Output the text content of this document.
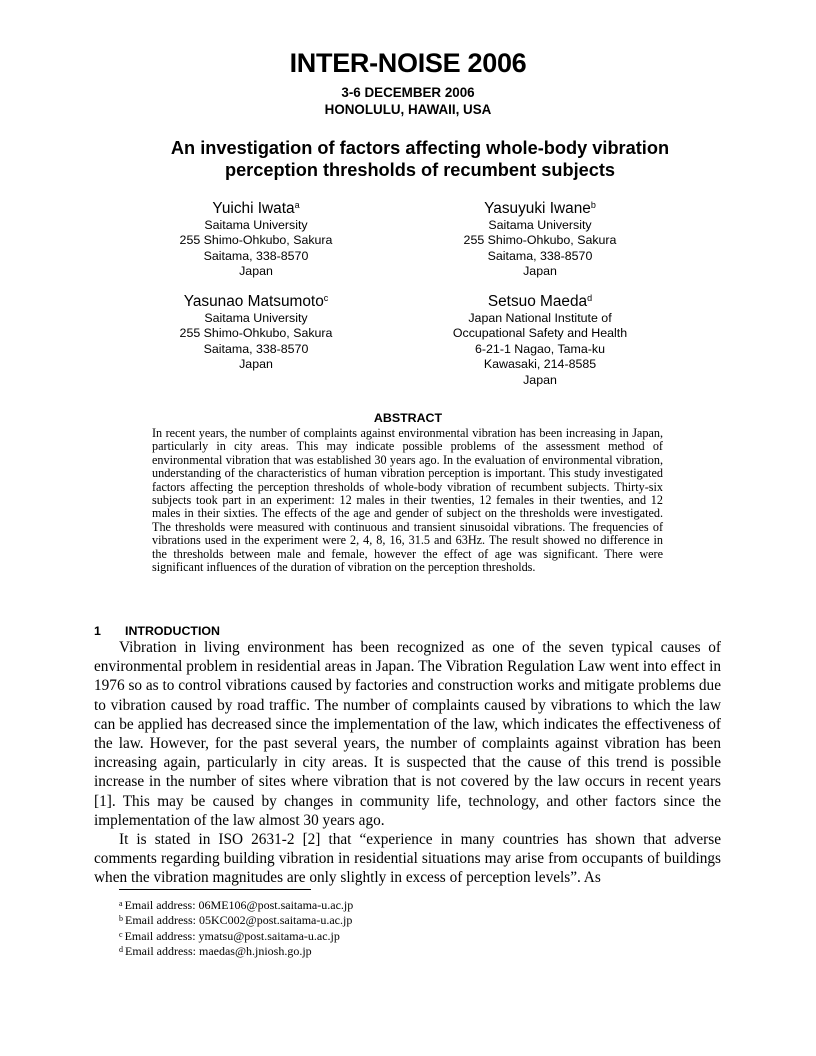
INTER-NOISE 2006
3-6 DECEMBER 2006
HONOLULU, HAWAII, USA
An investigation of factors affecting whole-body vibration
perception thresholds of recumbent subjects
Yuichi Iwata$^a$
Saitama University
255 Shimo-Ohkubo, Sakura
Saitama, 338-8570
Japan
Yasuyuki Iwane$^b$
Saitama University
255 Shimo-Ohkubo, Sakura
Saitama, 338-8570
Japan
Yasunao Matsumoto$^c$
Saitama University
255 Shimo-Ohkubo, Sakura
Saitama, 338-8570
Japan
Setsuo Maeda$^d$
Japan National Institute of
Occupational Safety and Health
6-21-1 Nagao, Tama-ku
Kawasaki, 214-8585
Japan
ABSTRACT
In recent years, the number of complaints against environmental vibration has been increasing in Japan, particularly in city areas. This may indicate possible problems of the assessment method of environmental vibration that was established 30 years ago. In the evaluation of environmental vibration, understanding of the characteristics of human vibration perception is important. This study investigated factors affecting the perception thresholds of whole-body vibration of recumbent subjects. Thirty-six subjects took part in an experiment: 12 males in their twenties, 12 females in their twenties, and 12 males in their sixties. The effects of the age and gender of subject on the thresholds were investigated. The thresholds were measured with continuous and transient sinusoidal vibrations. The frequencies of vibrations used in the experiment were 2, 4, 8, 16, 31.5 and 63Hz. The result showed no difference in the thresholds between male and female, however the effect of age was significant. There were significant influences of the duration of vibration on the perception thresholds.
1 INTRODUCTION

Vibration in living environment has been recognized as one of the seven typical causes of environmental problem in residential areas in Japan. The Vibration Regulation Law went into effect in 1976 so as to control vibrations caused by factories and construction works and mitigate problems due to vibration caused by road traffic. The number of complaints caused by vibrations to which the law can be applied has decreased since the implementation of the law, which indicates the effectiveness of the law. However, for the past several years, the number of complaints against vibration has been increasing again, particularly in city areas. It is suspected that the cause of this trend is possible increase in the number of sites where vibration that is not covered by the law occurs in recent years [1]. This may be caused by changes in community life, technology, and other factors since the implementation of the law almost 30 years ago.

It is stated in ISO 2631-2 [2] that “experience in many countries has shown that adverse comments regarding building vibration in residential situations may arise from occupants of buildings when the vibration magnitudes are only slightly in excess of perception levels”. As

$^a$ Email address: 06ME106@post.saitama-u.ac.jp
$^b$ Email address: 05KC002@post.saitama-u.ac.jp
$^c$ Email address: ymatsu@post.saitama-u.ac.jp
$^d$ Email address: maedas@h.jniosh.go.jp
